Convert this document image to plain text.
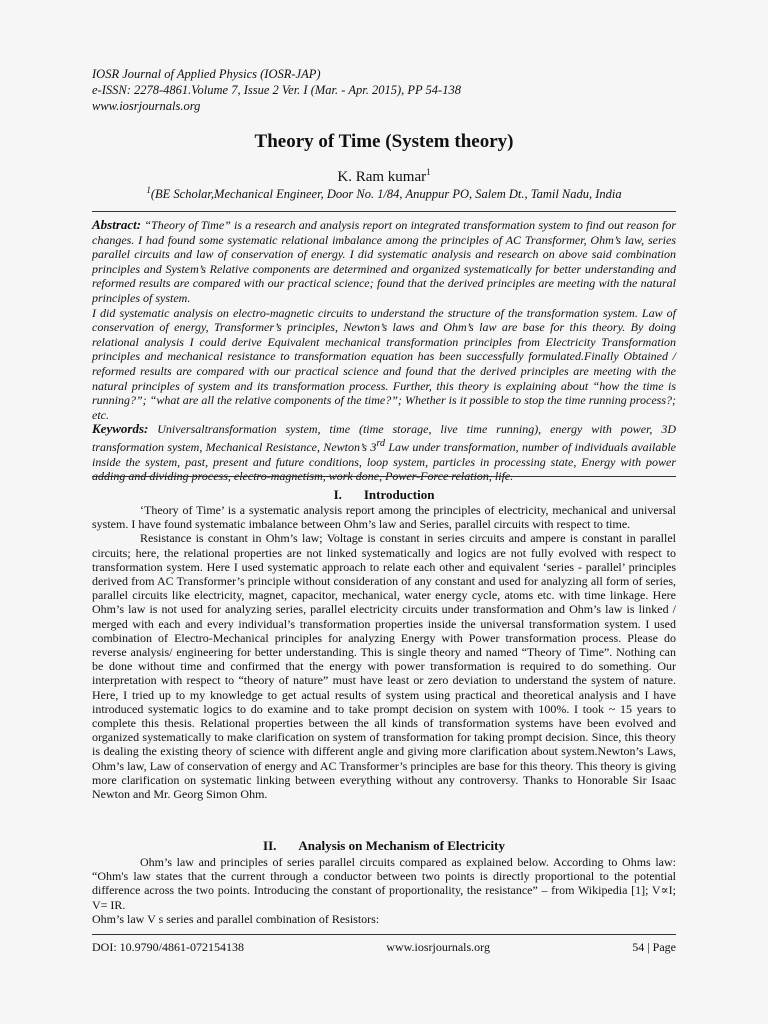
IOSR Journal of Applied Physics (IOSR-JAP)
e-ISSN: 2278-4861.Volume 7, Issue 2 Ver. I (Mar. - Apr. 2015), PP 54-138
www.iosrjournals.org
Theory of Time (System theory)
K. Ram kumar$^1$
$^1$(BE Scholar,Mechanical Engineer, Door No. 1/84, Anuppur PO, Salem Dt., Tamil Nadu, India

Abstract: “Theory of Time” is a research and analysis report on integrated transformation system to find out reason for changes. I had found some systematic relational imbalance among the principles of AC Transformer, Ohm’s law, series parallel circuits and law of conservation of energy. I did systematic analysis and research on above said combination principles and System’s Relative components are determined and organized systematically for better understanding and reformed results are compared with our practical science; found that the derived principles are meeting with the natural principles of system.

I did systematic analysis on electro-magnetic circuits to understand the structure of the transformation system. Law of conservation of energy, Transformer’s principles, Newton’s laws and Ohm’s law are base for this theory. By doing relational analysis I could derive Equivalent mechanical transformation principles from Electricity Transformation principles and mechanical resistance to transformation equation has been successfully formulated.Finally Obtained / reformed results are compared with our practical science and found that the derived principles are meeting with the natural principles of system and its transformation process. Further, this theory is explaining about “how the time is running?”; “what are all the relative components of the time?”; Whether is it possible to stop the time running process?; etc.

Keywords: Universaltransformation system, time (time storage, live time running), energy with power, 3D transformation system, Mechanical Resistance, Newton’s 3rd Law under transformation, number of individuals available inside the system, past, present and future conditions, loop system, particles in processing state, Energy with power adding and dividing process, electro-magnetism, work done, Power-Force relation, life.

I. Introduction

‘Theory of Time’ is a systematic analysis report among the principles of electricity, mechanical and universal system. I have found systematic imbalance between Ohm’s law and Series, parallel circuits with respect to time.

Resistance is constant in Ohm’s law; Voltage is constant in series circuits and ampere is constant in parallel circuits; here, the relational properties are not linked systematically and logics are not fully evolved with respect to transformation system. Here I used systematic approach to relate each other and equivalent ‘series - parallel’ principles derived from AC Transformer’s principle without consideration of any constant and used for analyzing all form of series, parallel circuits like electricity, magnet, capacitor, mechanical, water energy cycle, atoms etc. with time linkage. Here Ohm’s law is not used for analyzing series, parallel electricity circuits under transformation and Ohm’s law is linked / merged with each and every individual’s transformation properties inside the universal transformation system. I used combination of Electro-Mechanical principles for analyzing Energy with Power transformation process. Please do reverse analysis/ engineering for better understanding. This is single theory and named “Theory of Time”. Nothing can be done without time and confirmed that the energy with power transformation is required to do something. Our interpretation with respect to “theory of nature” must have least or zero deviation to understand the system of nature. Here, I tried up to my knowledge to get actual results of system using practical and theoretical analysis and I have introduced systematic logics to do examine and to take prompt decision on system with 100%. I took ~ 15 years to complete this thesis. Relational properties between the all kinds of transformation systems have been evolved and organized systematically to make clarification on system of transformation for taking prompt decision. Since, this theory is dealing the existing theory of science with different angle and giving more clarification about system.Newton’s Laws, Ohm’s law, Law of conservation of energy and AC Transformer’s principles are base for this theory. This theory is giving more clarification on systematic linking between everything without any controversy. Thanks to Honorable Sir Isaac Newton and Mr. Georg Simon Ohm.

II. Analysis on Mechanism of Electricity

Ohm’s law and principles of series parallel circuits compared as explained below. According to Ohms law: “Ohm's law states that the current through a conductor between two points is directly proportional to the potential difference across the two points. Introducing the constant of proportionality, the resistance” – from Wikipedia [1]; V∝I; V= IR.

Ohm’s law V s series and parallel combination of Resistors:

DOI: 10.9790/4861-072154138	www.iosrjournals.org	54 | Page
